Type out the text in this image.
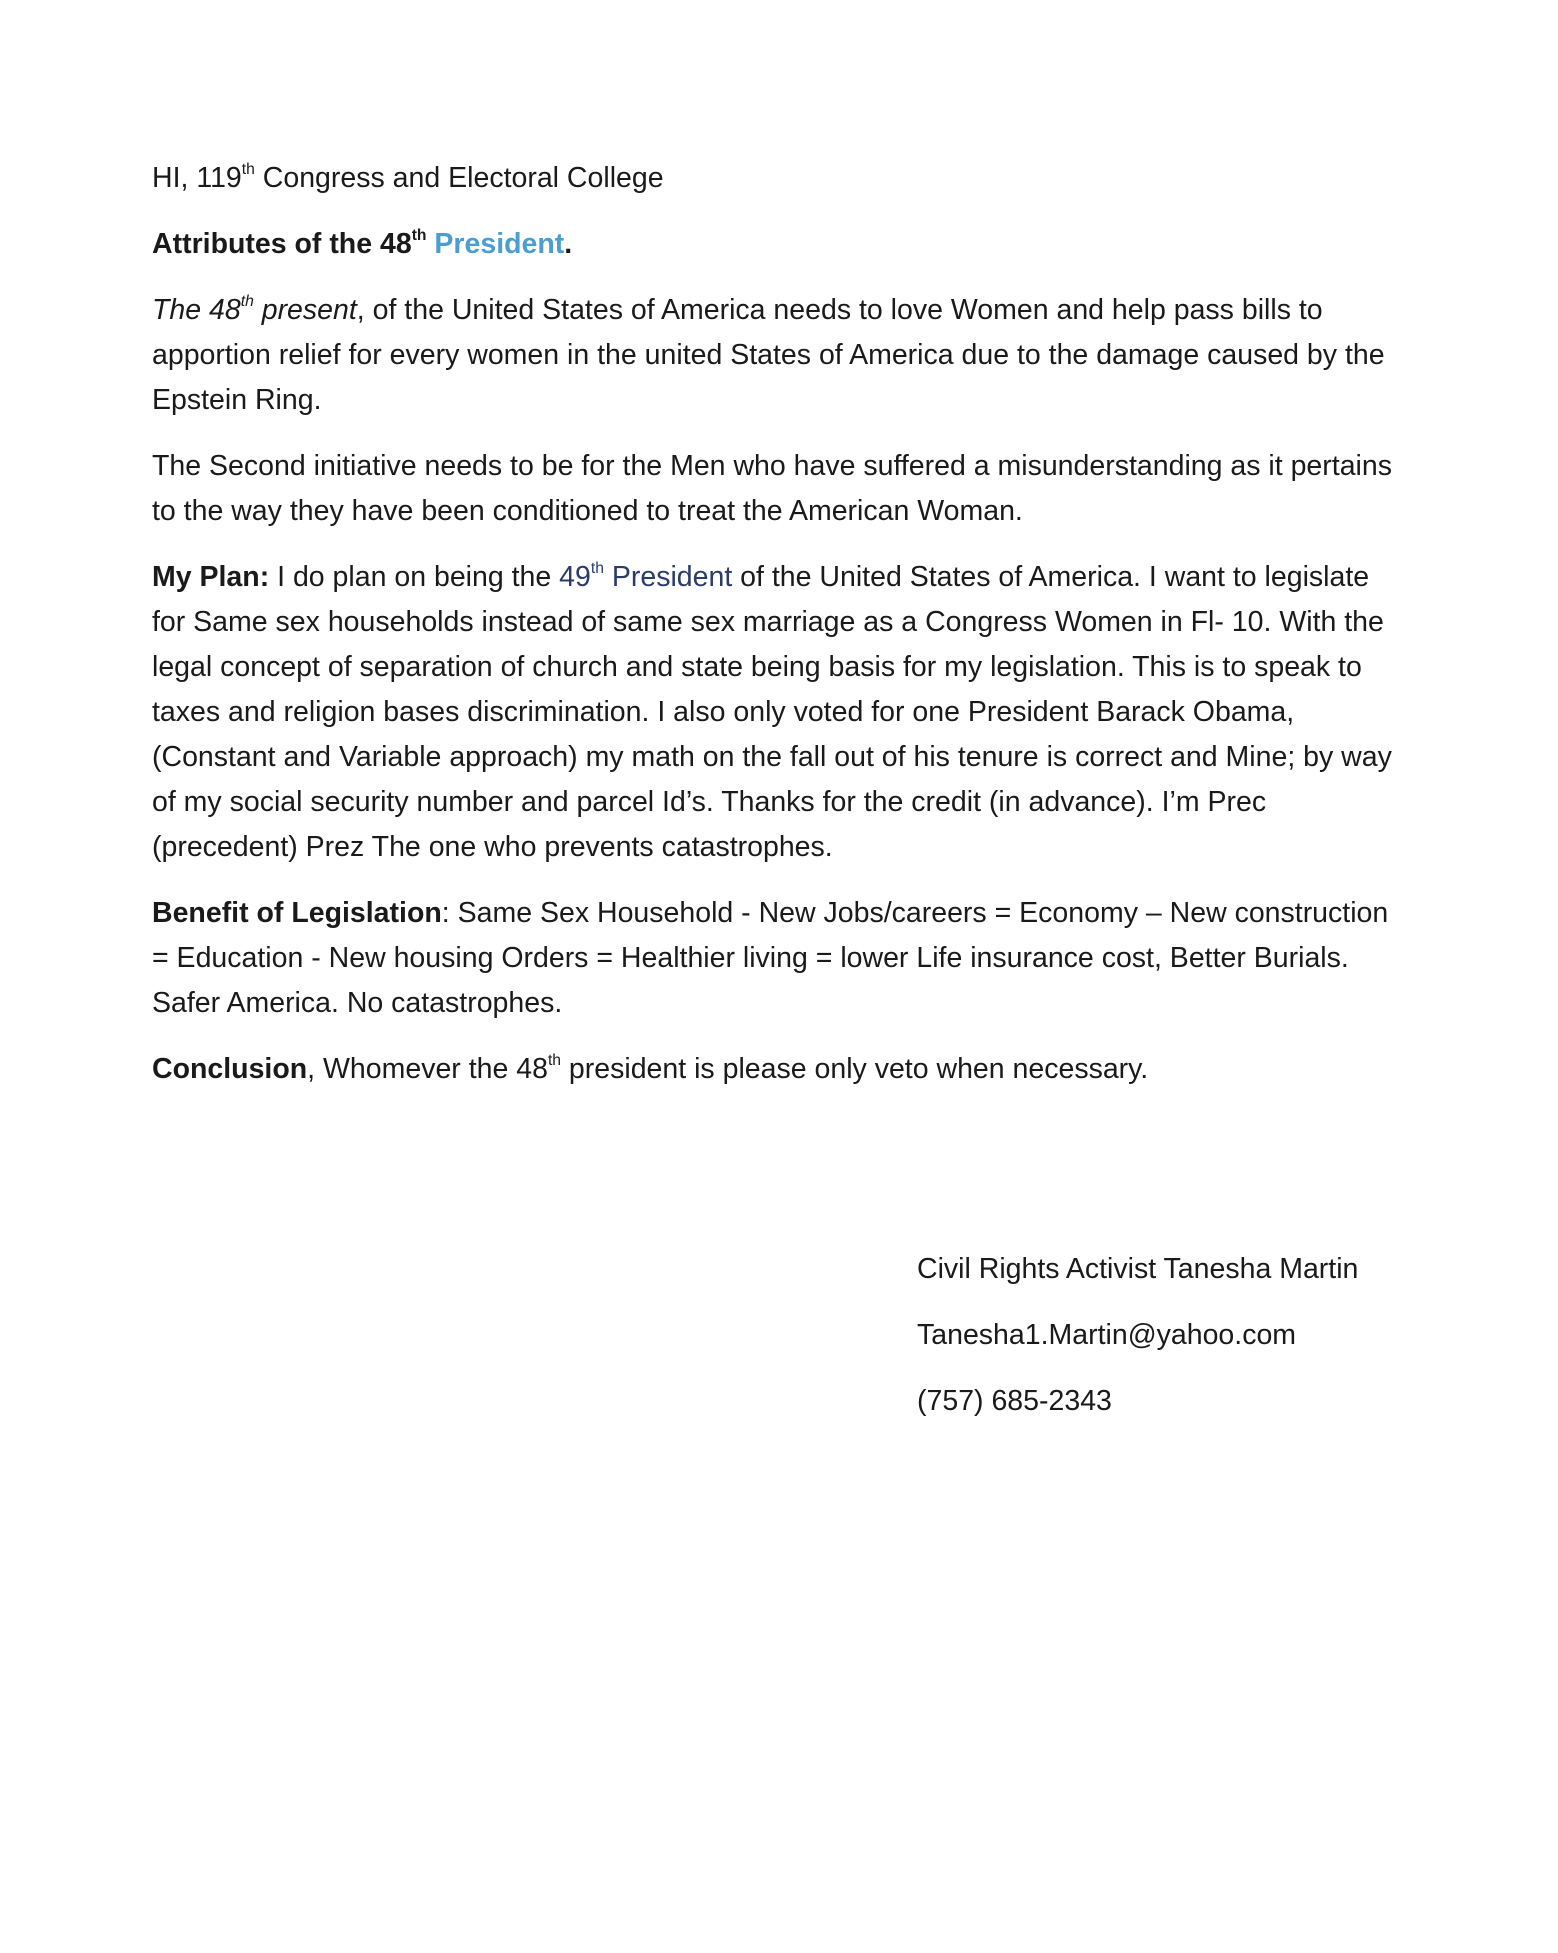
HI, 119th Congress and Electoral College

Attributes of the 48th President.

The 48th present, of the United States of America needs to love Women and help pass bills to apportion relief for every women in the united States of America due to the damage caused by the Epstein Ring.

The Second initiative needs to be for the Men who have suffered a misunderstanding as it pertains to the way they have been conditioned to treat the American Woman.

My Plan: I do plan on being the 49th President of the United States of America. I want to legislate for Same sex households instead of same sex marriage as a Congress Women in Fl- 10. With the legal concept of separation of church and state being basis for my legislation. This is to speak to taxes and religion bases discrimination. I also only voted for one President Barack Obama, (Constant and Variable approach) my math on the fall out of his tenure is correct and Mine; by way of my social security number and parcel Id’s. Thanks for the credit (in advance). I’m Prec (precedent) Prez The one who prevents catastrophes.

Benefit of Legislation: Same Sex Household - New Jobs/careers = Economy – New construction = Education - New housing Orders = Healthier living = lower Life insurance cost, Better Burials. Safer America. No catastrophes.

Conclusion, Whomever the 48th president is please only veto when necessary.

Civil Rights Activist Tanesha Martin

Tanesha1.Martin@yahoo.com

(757) 685-2343
